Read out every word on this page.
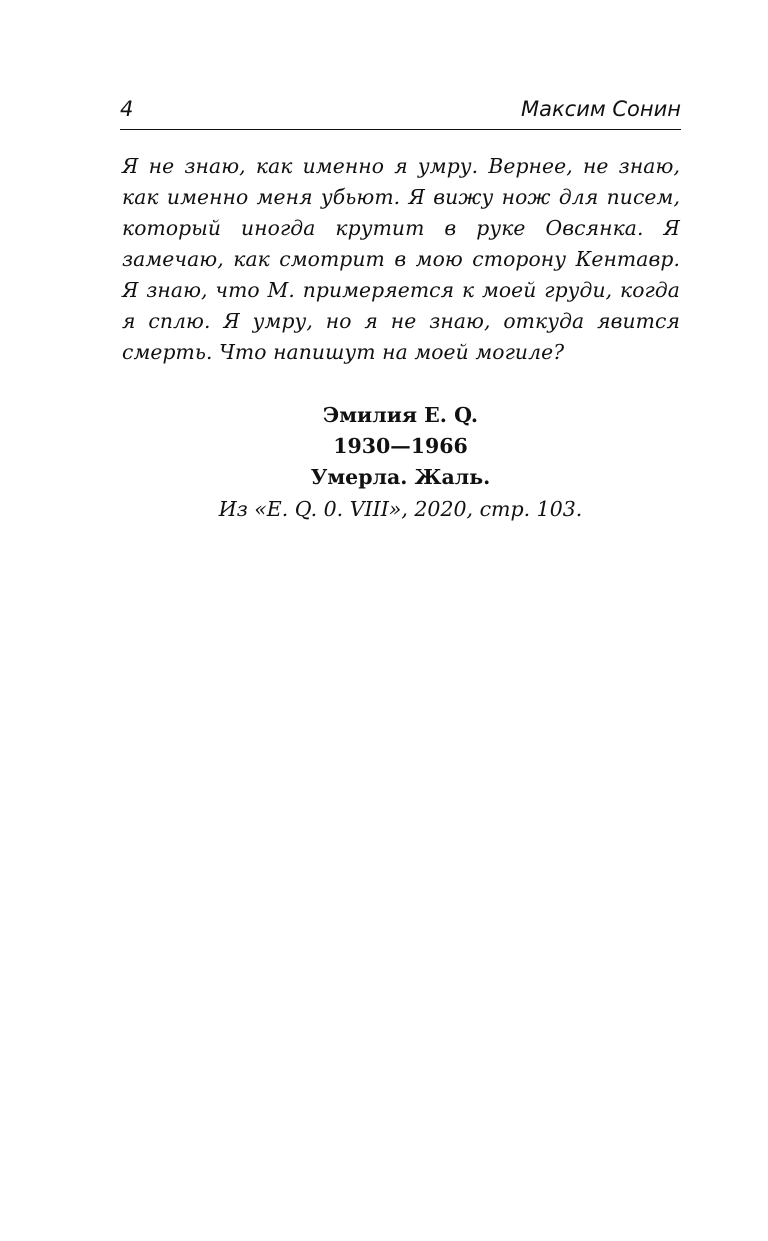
4	Максим Сонин

Я не знаю, как именно я умру. Вернее, не знаю, как именно меня убьют. Я вижу нож для писем, который иногда крутит в руке Овсянка. Я замечаю, как смотрит в мою сторону Кентавр. Я знаю, что М. примеряется к моей груди, когда я сплю. Я умру, но я не знаю, откуда явится смерть. Что напишут на моей могиле?

Эмилия Е. Q.
1930—1966
Умерла. Жаль.
Из «E. Q. 0. VIII», 2020, стр. 103.
